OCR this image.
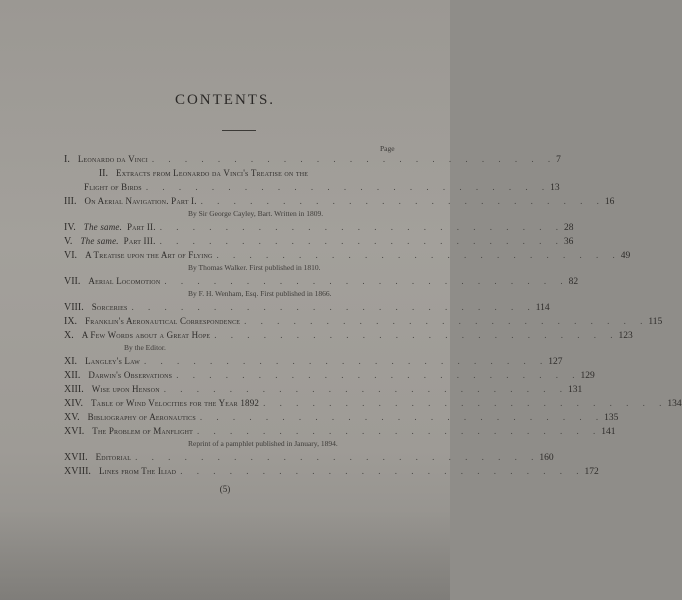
CONTENTS.
Page
I. Leonardo da Vinci . . . . . . . . . . . . . . . . . . . . . . . . . 7
II. Extracts from Leonardo da Vinci's Treatise on the
Flight of Birds . . . . . . . . . . . . . . . . . . . . . . . . . 13
III. On Aerial Navigation. Part I. . . . . . . . . . . . . . . . . . . . . . . . . . 16
By Sir George Cayley, Bart. Written in 1809.
IV. The same. Part II. . . . . . . . . . . . . . . . . . . . . . . . . . 28
V. The same. Part III. . . . . . . . . . . . . . . . . . . . . . . . . . 36
VI. A Treatise upon the Art of Flying . . . . . . . . . . . . . . . . . . . . . . . . . 49
By Thomas Walker. First published in 1810.
VII. Aerial Locomotion . . . . . . . . . . . . . . . . . . . . . . . . . 82
By F. H. Wenham, Esq. First published in 1866.
VIII. Sorceries . . . . . . . . . . . . . . . . . . . . . . . . . 114
IX. Franklin's Aeronautical Correspondence . . . . . . . . . . . . . . . . . . . . . . . . . 115
X. A Few Words about a Great Hope . . . . . . . . . . . . . . . . . . . . . . . . . 123
By the Editor.
XI. Langley's Law . . . . . . . . . . . . . . . . . . . . . . . . . 127
XII. Darwin's Observations . . . . . . . . . . . . . . . . . . . . . . . . . 129
XIII. Wise upon Henson . . . . . . . . . . . . . . . . . . . . . . . . . 131
XIV. Table of Wind Velocities for the Year 1892 . . . . . . . . . . . . . . . . . . . . . . . . . 134
XV. Bibliography of Aeronautics . . . . . . . . . . . . . . . . . . . . . . . . . 135
XVI. The Problem of Manflight . . . . . . . . . . . . . . . . . . . . . . . . . 141
Reprint of a pamphlet published in January, 1894.
XVII. Editorial . . . . . . . . . . . . . . . . . . . . . . . . . 160
XVIII. Lines from The Iliad . . . . . . . . . . . . . . . . . . . . . . . . . 172
(5)
